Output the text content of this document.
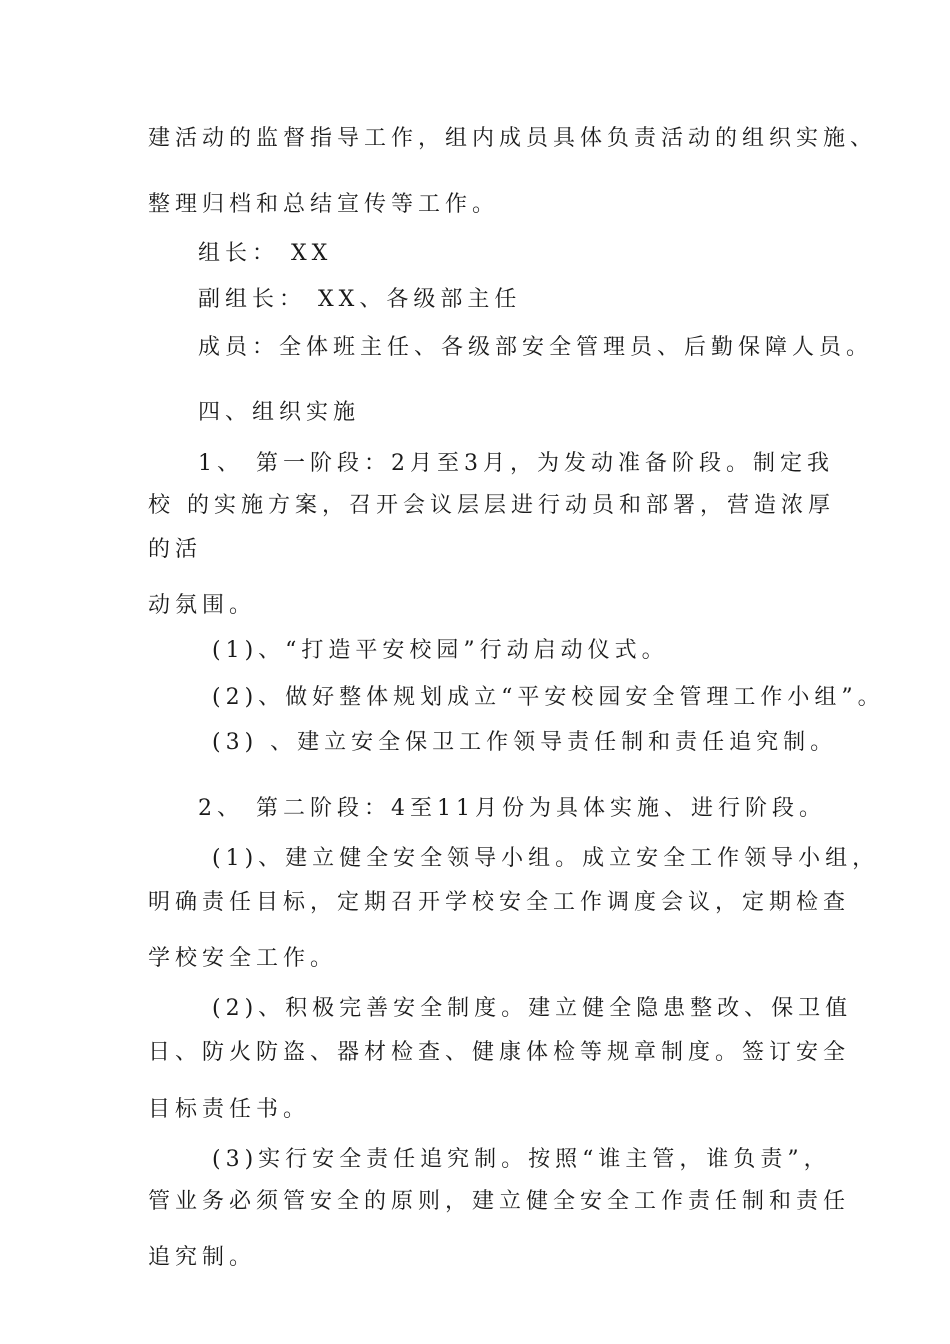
建活动的监督指导工作，组内成员具体负责活动的组织实施、
整理归档和总结宣传等工作。
组长： XX
副组长： XX、各级部主任
成员：全体班主任、各级部安全管理员、后勤保障人员。
四、组织实施
1、 第一阶段：2月至3月，为发动准备阶段。制定我
校 的实施方案，召开会议层层进行动员和部署，营造浓厚
的活
动氛围。
(1)、“打造平安校园”行动启动仪式。
(2)、做好整体规划成立“平安校园安全管理工作小组”。
(3) 、建立安全保卫工作领导责任制和责任追究制。
2、 第二阶段：4至11月份为具体实施、进行阶段。
(1)、建立健全安全领导小组。成立安全工作领导小组，
明确责任目标，定期召开学校安全工作调度会议，定期检查
学校安全工作。
(2)、积极完善安全制度。建立健全隐患整改、保卫值
日、防火防盗、器材检查、健康体检等规章制度。签订安全
目标责任书。
(3)实行安全责任追究制。按照“谁主管，谁负责”，
管业务必须管安全的原则，建立健全安全工作责任制和责任
追究制。
